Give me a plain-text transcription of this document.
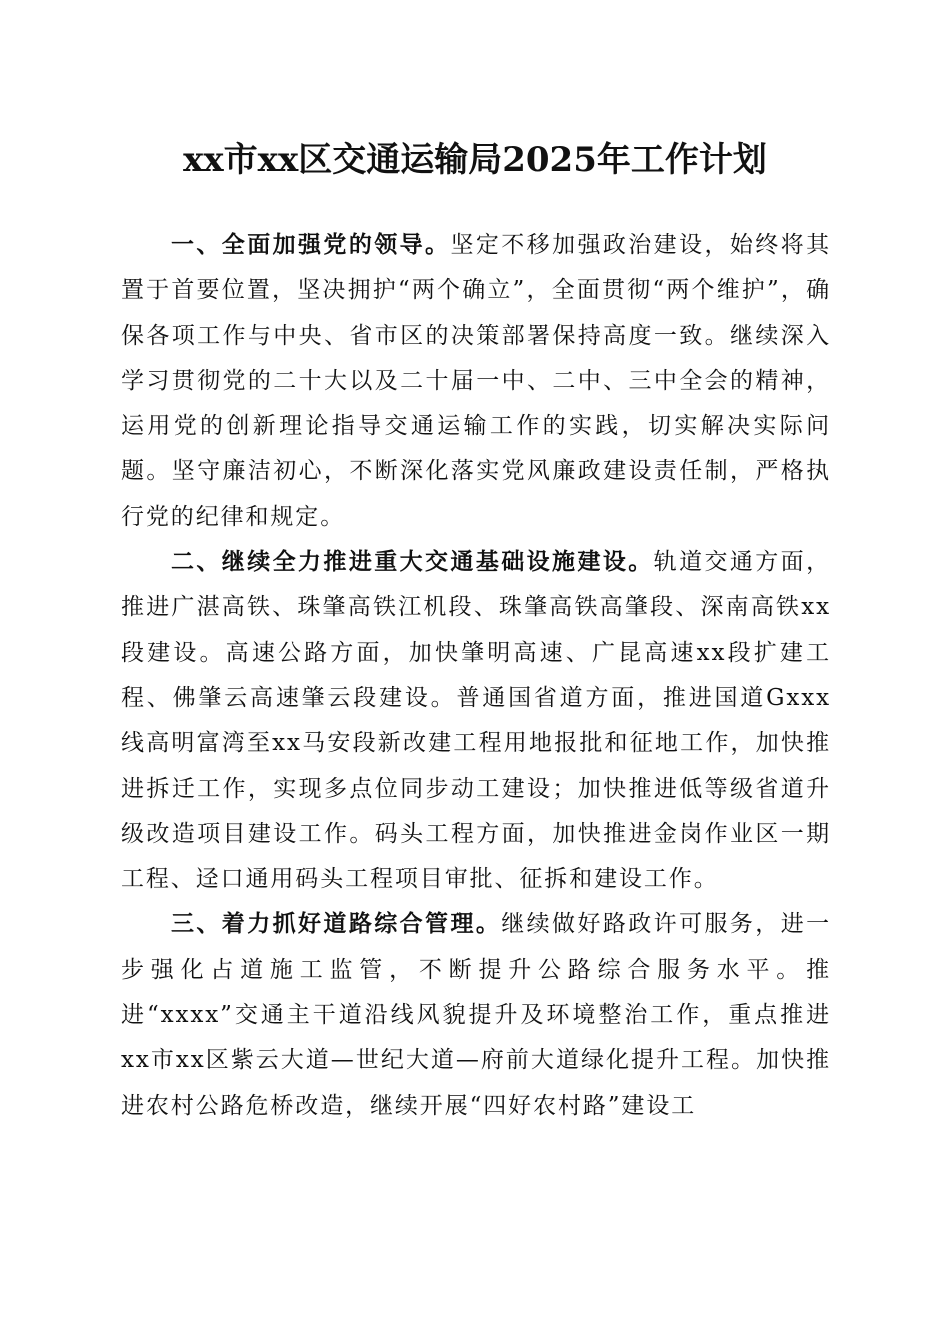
xx市xx区交通运输局2025年工作计划

一、全面加强党的领导。坚定不移加强政治建设，始终将其置于首要位置，坚决拥护“两个确立”，全面贯彻“两个维护”，确保各项工作与中央、省市区的决策部署保持高度一致。继续深入学习贯彻党的二十大以及二十届一中、二中、三中全会的精神，运用党的创新理论指导交通运输工作的实践，切实解决实际问题。坚守廉洁初心，不断深化落实党风廉政建设责任制，严格执行党的纪律和规定。

二、继续全力推进重大交通基础设施建设。轨道交通方面，推进广湛高铁、珠肇高铁江机段、珠肇高铁高肇段、深南高铁xx段建设。高速公路方面，加快肇明高速、广昆高速xx段扩建工程、佛肇云高速肇云段建设。普通国省道方面，推进国道Gxxx线高明富湾至xx马安段新改建工程用地报批和征地工作，加快推进拆迁工作，实现多点位同步动工建设；加快推进低等级省道升级改造项目建设工作。码头工程方面，加快推进金岗作业区一期工程、迳口通用码头工程项目审批、征拆和建设工作。

三、着力抓好道路综合管理。继续做好路政许可服务，进一步强化占道施工监管，不断提升公路综合服务水平。推进“xxxx”交通主干道沿线风貌提升及环境整治工作，重点推进xx市xx区紫云大道—世纪大道—府前大道绿化提升工程。加快推进农村公路危桥改造，继续开展“四好农村路”建设工
